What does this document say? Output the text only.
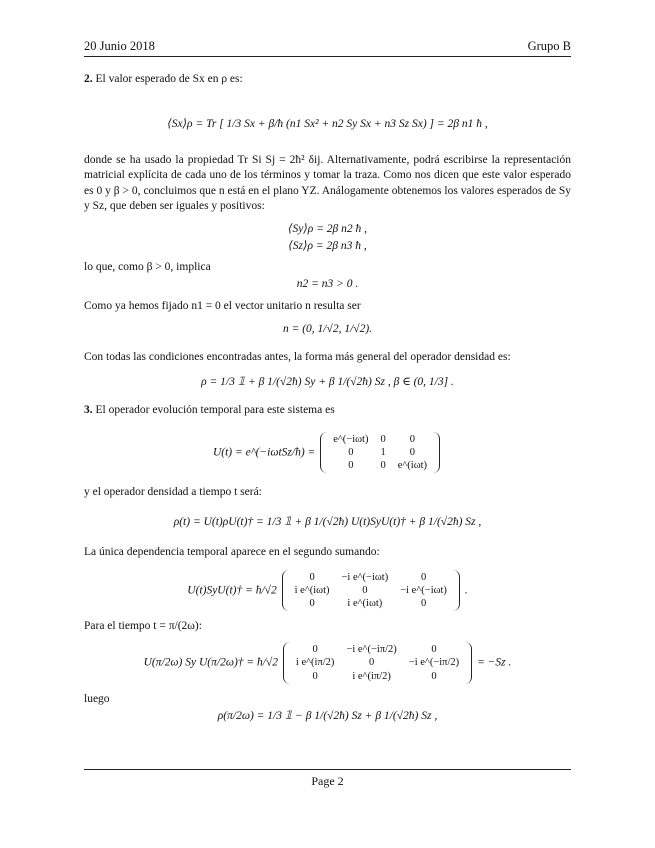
20 Junio 2018	Grupo B

2. El valor esperado de Sx en ρ es:

⟨Sx⟩ρ = Tr [ 1/3 Sx + β/ħ (n1 Sx² + n2 Sy Sx + n3 Sz Sx) ] = 2β n1 ħ ,

donde se ha usado la propiedad Tr Si Sj = 2ħ² δij. Alternativamente, podrá escribirse la representación matricial explícita de cada uno de los términos y tomar la traza. Como nos dicen que este valor esperado es 0 y β > 0, concluimos que n está en el plano YZ. Análogamente obtenemos los valores esperados de Sy y Sz, que deben ser iguales y positivos:

⟨Sy⟩ρ = 2β n2 ħ ,
⟨Sz⟩ρ = 2β n3 ħ ,

lo que, como β > 0, implica

n2 = n3 > 0 .

Como ya hemos fijado n1 = 0 el vector unitario n resulta ser

n = (0, 1/√2, 1/√2).

Con todas las condiciones encontradas antes, la forma más general del operador densidad es:

ρ = 1/3 𝟙 + β 1/(√2ħ) Sy + β 1/(√2ħ) Sz , β ∈ (0, 1/3] .

3. El operador evolución temporal para este sistema es

U(t) = e^(−iωtSz/ħ) =
e^(−iωt)	0	0
0	1	0
0	0	e^(iωt)

y el operador densidad a tiempo t será:

ρ(t) = U(t)ρU(t)† = 1/3 𝟙 + β 1/(√2ħ) U(t)SyU(t)† + β 1/(√2ħ) Sz ,

La única dependencia temporal aparece en el segundo sumando:

U(t)SyU(t)† = ħ/√2
0	−i e^(−iωt)	0
i e^(iωt)	0	−i e^(−iωt)
0	i e^(iωt)	0
.

Para el tiempo t = π/(2ω):

U(π/2ω) Sy U(π/2ω)† = ħ/√2
0	−i e^(−iπ/2)	0
i e^(iπ/2)	0	−i e^(−iπ/2)
0	i e^(iπ/2)	0
= −Sz .

luego

ρ(π/2ω) = 1/3 𝟙 − β 1/(√2ħ) Sz + β 1/(√2ħ) Sz ,
Page 2
